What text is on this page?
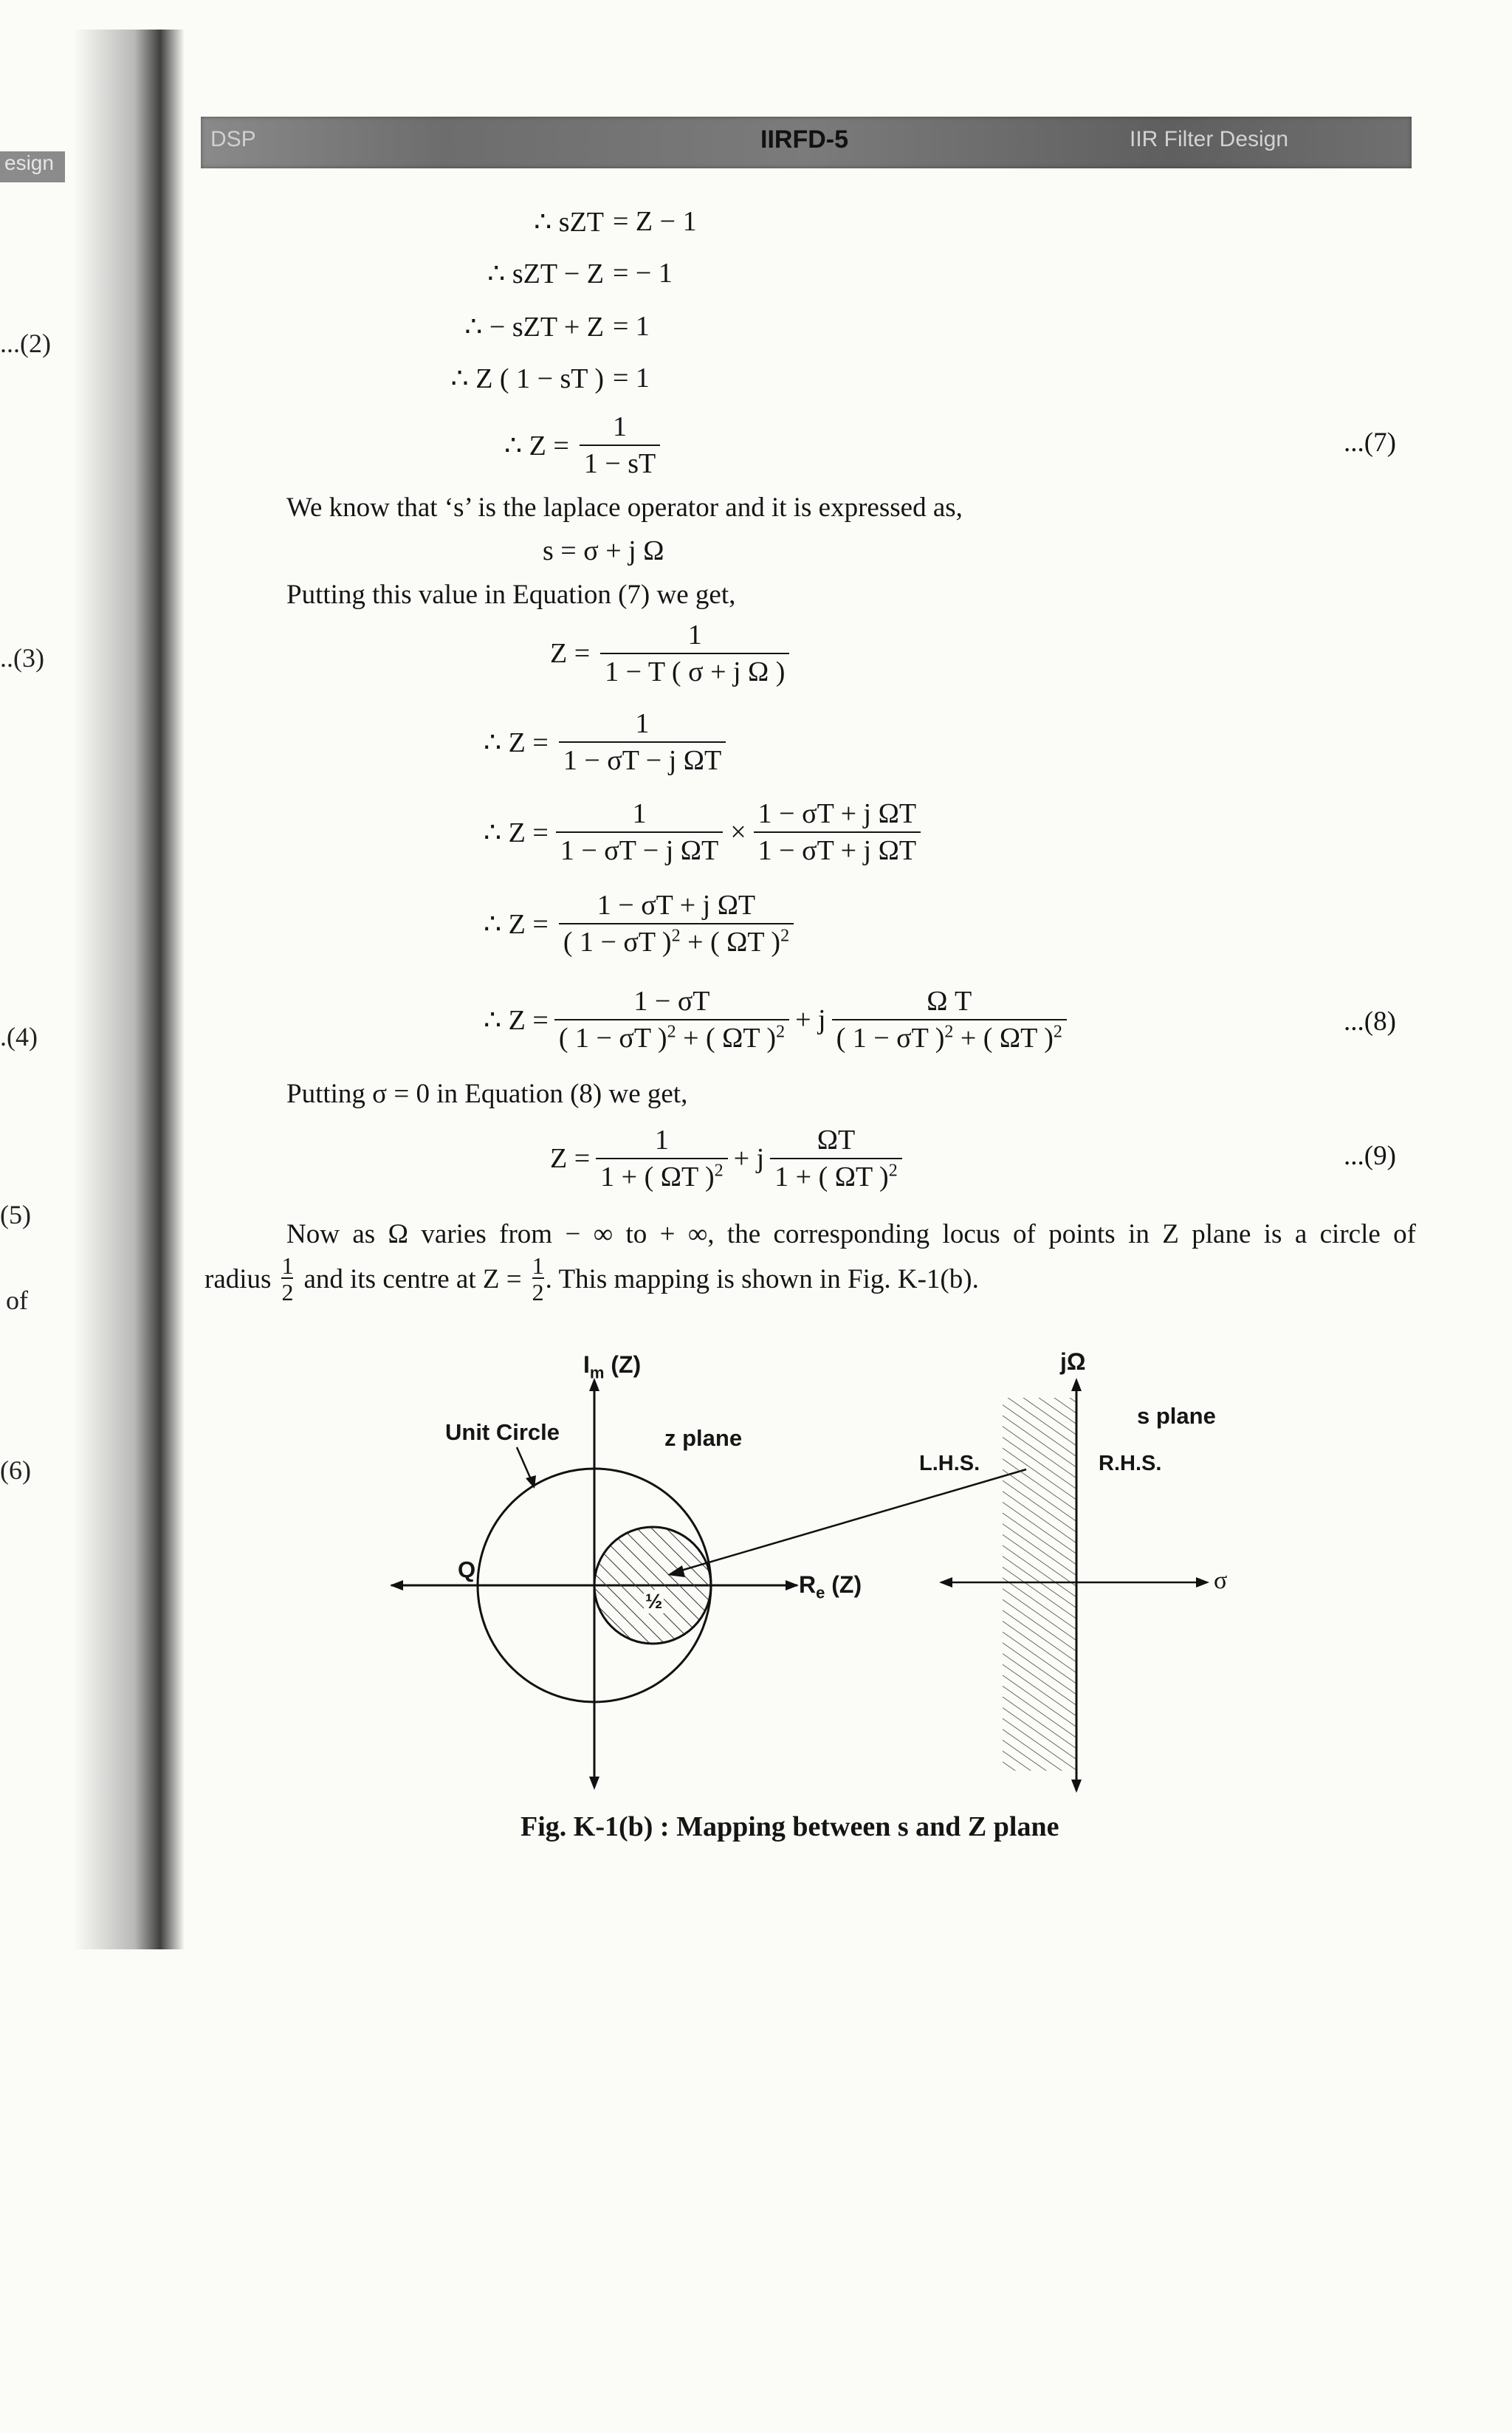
esign
...(2)
..(3)
.(4)
(5)
of
(6)
DSP	IIRFD-5	IIR Filter Design
∴ sZT = Z − 1
∴ sZT − Z = − 1
∴ − sZT + Z = 1
∴ Z ( 1 − sT ) = 1
∴ $Z = \frac{1}{1 - sT}$	...(7)
We know that ‘s’ is the laplace operator and it is expressed as,
s = σ + j Ω
Putting this value in Equation (7) we get,
$Z = \frac{1}{\text{1 − T ( σ + j Ω )}}$
∴ $Z = \frac{1}{\text{1 − σT − j ΩT}}$
∴ $Z = \frac{1}{\text{1 − σT − j ΩT}} \times \frac{\text{1 − σT + j ΩT}}{\text{1 − σT + j ΩT}}$
∴ $Z = \frac{\text{1 − σT + j ΩT}}{( 1 - \sigma T )^2 + ( \Omega T )^2}$
∴ $Z = \frac{1 - \sigma T}{( 1 - \sigma T )^2 + ( \Omega T )^2} + j \frac{\text{Ω T}}{( 1 - \sigma T )^2 + ( \Omega T )^2}$	...(8)
Putting σ = 0 in Equation (8) we get,
$Z = \frac{1}{1 + ( \Omega T )^2} + j \frac{\Omega T}{1 + ( \Omega T )^2}$	...(9)
Now as Ω varies from − ∞ to + ∞, the corresponding locus of points in Z plane is a circle of
radius $\frac{1}{2}$ and its centre at $Z = \frac{1}{2}$ . This mapping is shown in Fig. K-1(b).
$I_m$ (Z)
$R_e$ (Z)
Unit Circle	z plane
Q
½
jΩ
s plane
L.H.S.	R.H.S.
σ
Fig. K-1(b) : Mapping between s and Z plane
